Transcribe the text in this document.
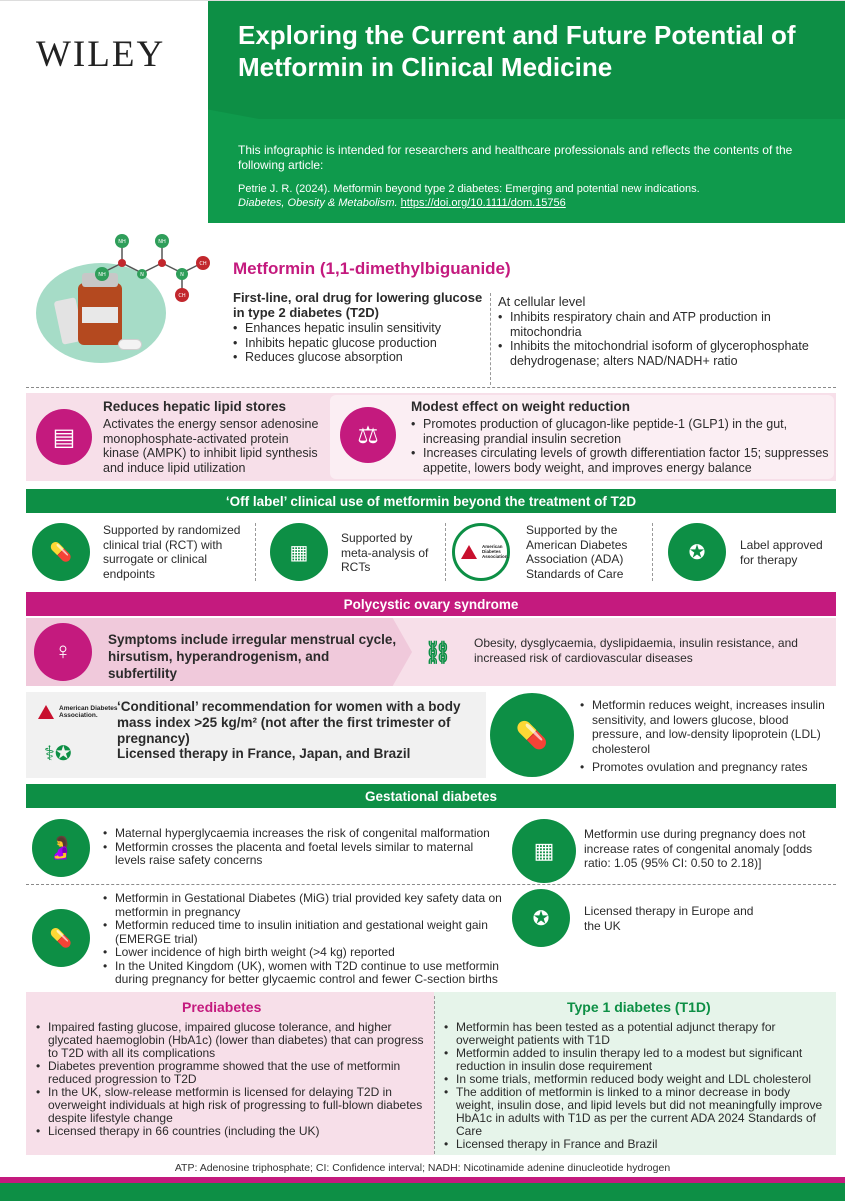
WILEY	Exploring the Current and Future Potential of Metformin in Clinical Medicine
This infographic is intended for researchers and healthcare professionals and reflects the contents of the following article:
Petrie J. R. (2024). Metformin beyond type 2 diabetes: Emerging and potential new indications.
Diabetes, Obesity & Metabolism. https://doi.org/10.1111/dom.15756
NH
NH
NH
N	N
CH
CH
Metformin (1,1-dimethylbiguanide)
First-line, oral drug for lowering glucose in type 2 diabetes (T2D)
• Enhances hepatic insulin sensitivity
• Inhibits hepatic glucose production
• Reduces glucose absorption
At cellular level
• Inhibits respiratory chain and ATP production in mitochondria
• Inhibits the mitochondrial isoform of glycerophosphate dehydrogenase; alters NAD/NADH+ ratio
▤
Reduces hepatic lipid stores
Activates the energy sensor adenosine monophosphate-activated protein kinase (AMPK) to inhibit lipid synthesis and induce lipid utilization
⚖
Modest effect on weight reduction
• Promotes production of glucagon-like peptide-1 (GLP1) in the gut, increasing prandial insulin secretion
• Increases circulating levels of growth differentiation factor 15; suppresses appetite, lowers body weight, and improves energy balance
‘Off label’ clinical use of metformin beyond the treatment of T2D
💊
Supported by randomized clinical trial (RCT) with surrogate or clinical endpoints
▦
Supported by meta-analysis of RCTs
American Diabetes Association.
Supported by the American Diabetes Association (ADA) Standards of Care
✪	Label approved for therapy
Polycystic ovary syndrome
♀	Symptoms include irregular menstrual cycle, hirsutism, hyperandrogenism, and subfertility
⛓ Obesity, dysglycaemia, dyslipidaemia, insulin resistance, and increased risk of cardiovascular diseases
American Diabetes Association.
‘Conditional’ recommendation for women with a body mass index >25 kg/m² (not after the first trimester of pregnancy)
⚕✪	Licensed therapy in France, Japan, and Brazil
💊
• Metformin reduces weight, increases insulin sensitivity, and lowers glucose, blood pressure, and low-density lipoprotein (LDL) cholesterol
• Promotes ovulation and pregnancy rates
Gestational diabetes
🤰
• Maternal hyperglycaemia increases the risk of congenital malformation
• Metformin crosses the placenta and foetal levels similar to maternal levels raise safety concerns	▦
Metformin use during pregnancy does not increase rates of congenital anomaly [odds ratio: 1.05 (95% CI: 0.50 to 2.18)]
💊
• Metformin in Gestational Diabetes (MiG) trial provided key safety data on metformin in pregnancy
• Metformin reduced time to insulin initiation and gestational weight gain (EMERGE trial)
• Lower incidence of high birth weight (>4 kg) reported
• In the United Kingdom (UK), women with T2D continue to use metformin during pregnancy for better glycaemic control and fewer C-section births
✪	Licensed therapy in Europe and the UK
Prediabetes
• Impaired fasting glucose, impaired glucose tolerance, and higher glycated haemoglobin (HbA1c) (lower than diabetes) that can progress to T2D with all its complications
• Diabetes prevention programme showed that the use of metformin reduced progression to T2D
• In the UK, slow-release metformin is licensed for delaying T2D in overweight individuals at high risk of progressing to full-blown diabetes despite lifestyle change
• Licensed therapy in 66 countries (including the UK)
Type 1 diabetes (T1D)
• Metformin has been tested as a potential adjunct therapy for overweight patients with T1D
• Metformin added to insulin therapy led to a modest but significant reduction in insulin dose requirement
• In some trials, metformin reduced body weight and LDL cholesterol
• The addition of metformin is linked to a minor decrease in body weight, insulin dose, and lipid levels but did not meaningfully improve HbA1c in adults with T1D as per the current ADA 2024 Standards of Care
• Licensed therapy in France and Brazil
ATP: Adenosine triphosphate; CI: Confidence interval; NADH: Nicotinamide adenine dinucleotide hydrogen
